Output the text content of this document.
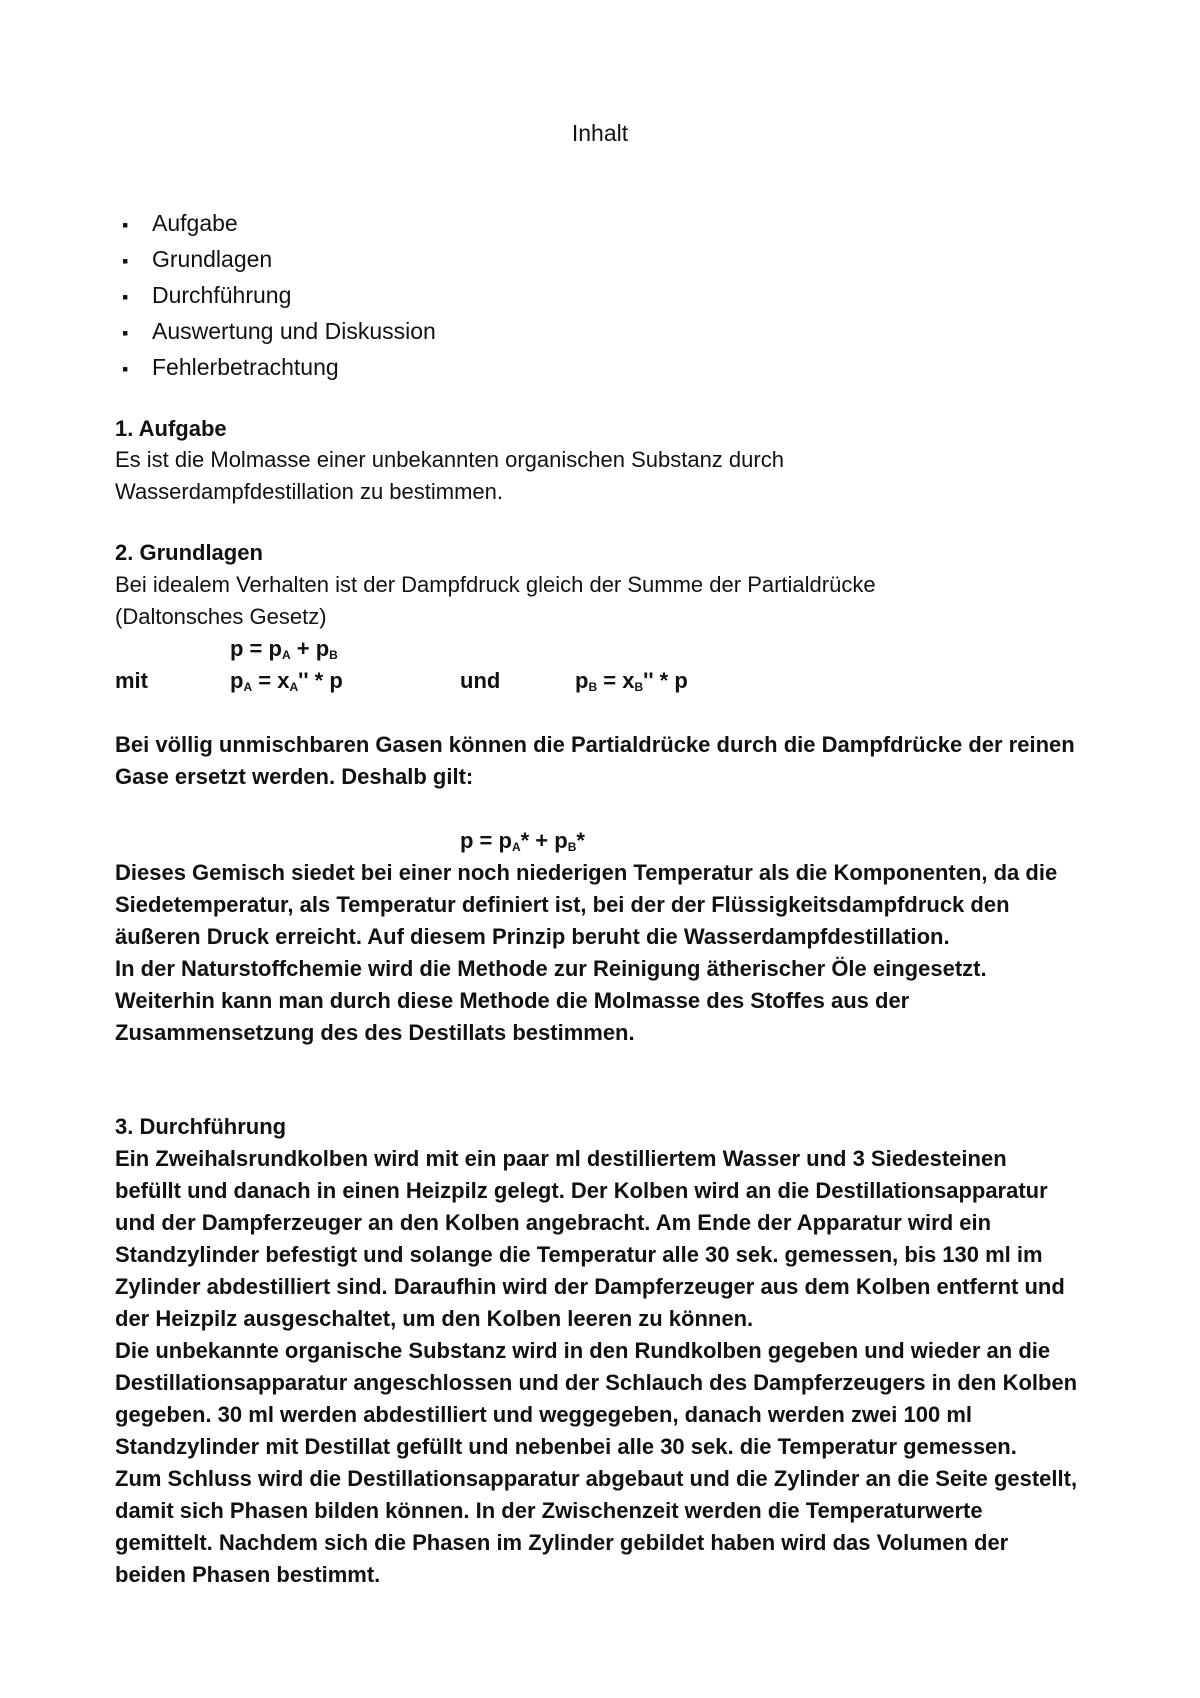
Inhalt
▪ Aufgabe
▪ Grundlagen
▪ Durchführung
▪ Auswertung und Diskussion
▪ Fehlerbetrachtung
1. Aufgabe
Es ist die Molmasse einer unbekannten organischen Substanz durch
Wasserdampfdestillation zu bestimmen.
2. Grundlagen
Bei idealem Verhalten ist der Dampfdruck gleich der Summe der Partialdrücke
(Daltonsches Gesetz)
$p = p_A + p_B$
mit	$p_A = x_A'' * p$	und	$p_B = x_B'' * p$
Bei völlig unmischbaren Gasen können die Partialdrücke durch die Dampfdrücke der reinen
Gase ersetzt werden. Deshalb gilt:
$p = p_A* + p_B*$
Dieses Gemisch siedet bei einer noch niederigen Temperatur als die Komponenten, da die
Siedetemperatur, als Temperatur definiert ist, bei der der Flüssigkeitsdampfdruck den
äußeren Druck erreicht. Auf diesem Prinzip beruht die Wasserdampfdestillation.
In der Naturstoffchemie wird die Methode zur Reinigung ätherischer Öle eingesetzt.
Weiterhin kann man durch diese Methode die Molmasse des Stoffes aus der
Zusammensetzung des des Destillats bestimmen.
3. Durchführung
Ein Zweihalsrundkolben wird mit ein paar ml destilliertem Wasser und 3 Siedesteinen
befüllt und danach in einen Heizpilz gelegt. Der Kolben wird an die Destillationsapparatur
und der Dampferzeuger an den Kolben angebracht. Am Ende der Apparatur wird ein
Standzylinder befestigt und solange die Temperatur alle 30 sek. gemessen, bis 130 ml im
Zylinder abdestilliert sind. Daraufhin wird der Dampferzeuger aus dem Kolben entfernt und
der Heizpilz ausgeschaltet, um den Kolben leeren zu können.
Die unbekannte organische Substanz wird in den Rundkolben gegeben und wieder an die
Destillationsapparatur angeschlossen und der Schlauch des Dampferzeugers in den Kolben
gegeben. 30 ml werden abdestilliert und weggegeben, danach werden zwei 100 ml
Standzylinder mit Destillat gefüllt und nebenbei alle 30 sek. die Temperatur gemessen.
Zum Schluss wird die Destillationsapparatur abgebaut und die Zylinder an die Seite gestellt,
damit sich Phasen bilden können. In der Zwischenzeit werden die Temperaturwerte
gemittelt. Nachdem sich die Phasen im Zylinder gebildet haben wird das Volumen der
beiden Phasen bestimmt.
